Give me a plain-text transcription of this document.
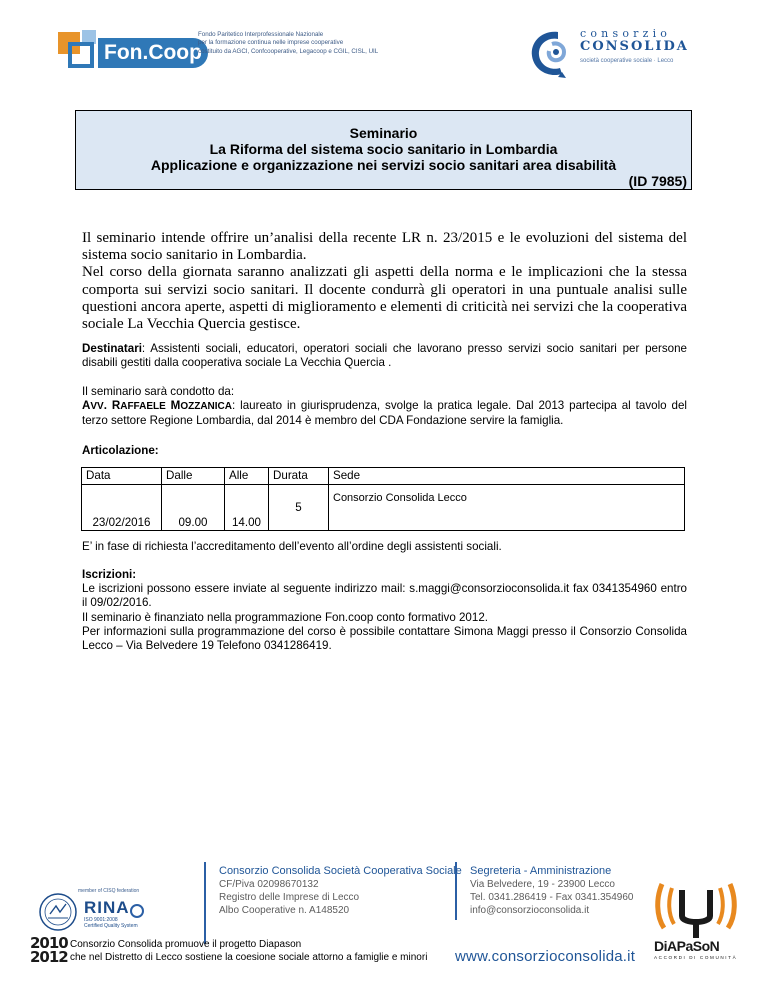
Fon.Coop
Fondo Paritetico Interprofessionale Nazionale
per la formazione continua nelle imprese cooperative
costituito da AGCI, Confcooperative, Legacoop e CGIL, CISL, UIL
consorzio
CONSOLIDA
società cooperative sociale · Lecco
Seminario
La Riforma del sistema socio sanitario in Lombardia
Applicazione e organizzazione nei servizi socio sanitari area disabilità
(ID 7985)

Il seminario intende offrire un’analisi della recente LR n. 23/2015 e le evoluzioni del sistema del sistema socio sanitario in Lombardia.

Nel corso della giornata saranno analizzati gli aspetti della norma e le implicazioni che la stessa comporta sui servizi socio sanitari. Il docente condurrà gli operatori in una puntuale analisi sulle questioni ancora aperte, aspetti di miglioramento e elementi di criticità nei servizi che la cooperativa sociale La Vecchia Quercia gestisce.

Destinatari: Assistenti sociali, educatori, operatori sociali che lavorano presso servizi socio sanitari per persone disabili gestiti dalla cooperativa sociale La Vecchia Quercia .

Il seminario sarà condotto da:

AVV. RAFFAELE MOZZANICA: laureato in giurisprudenza, svolge la pratica legale. Dal 2013 partecipa al tavolo del terzo settore Regione Lombardia, dal 2014 è membro del CDA Fondazione servire la famiglia.

Articolazione:
Data	Dalle	Alle	Durata	Sede
23/02/2016	09.00	14.00	5	Consorzio Consolida Lecco
E’ in fase di richiesta l’accreditamento dell’evento all’ordine degli assistenti sociali.

Iscrizioni:

Le iscrizioni possono essere inviate al seguente indirizzo mail: s.maggi@consorzioconsolida.it fax 0341354960 entro il 09/02/2016.

Il seminario è finanziato nella programmazione Fon.coop conto formativo 2012.

Per informazioni sulla programmazione del corso è possibile contattare Simona Maggi presso il Consorzio Consolida Lecco – Via Belvedere 19 Telefono 0341286419.

member of CISQ federation
RINA
ISO 9001:2008
Certified Quality System
Consorzio Consolida Società Cooperativa Sociale
CF/Piva 02098670132
Registro delle Imprese di Lecco
Albo Cooperative n. A148520
Segreteria - Amministrazione
Via Belvedere, 19 - 23900 Lecco
Tel. 0341.286419 - Fax 0341.354960
info@consorzioconsolida.it
2010
2012
Consorzio Consolida promuove il progetto Diapason
che nel Distretto di Lecco sostiene la coesione sociale attorno a famiglie e minori www.consorzioconsolida.it
DiAPaSoN
ACCORDI DI COMUNITÀ
